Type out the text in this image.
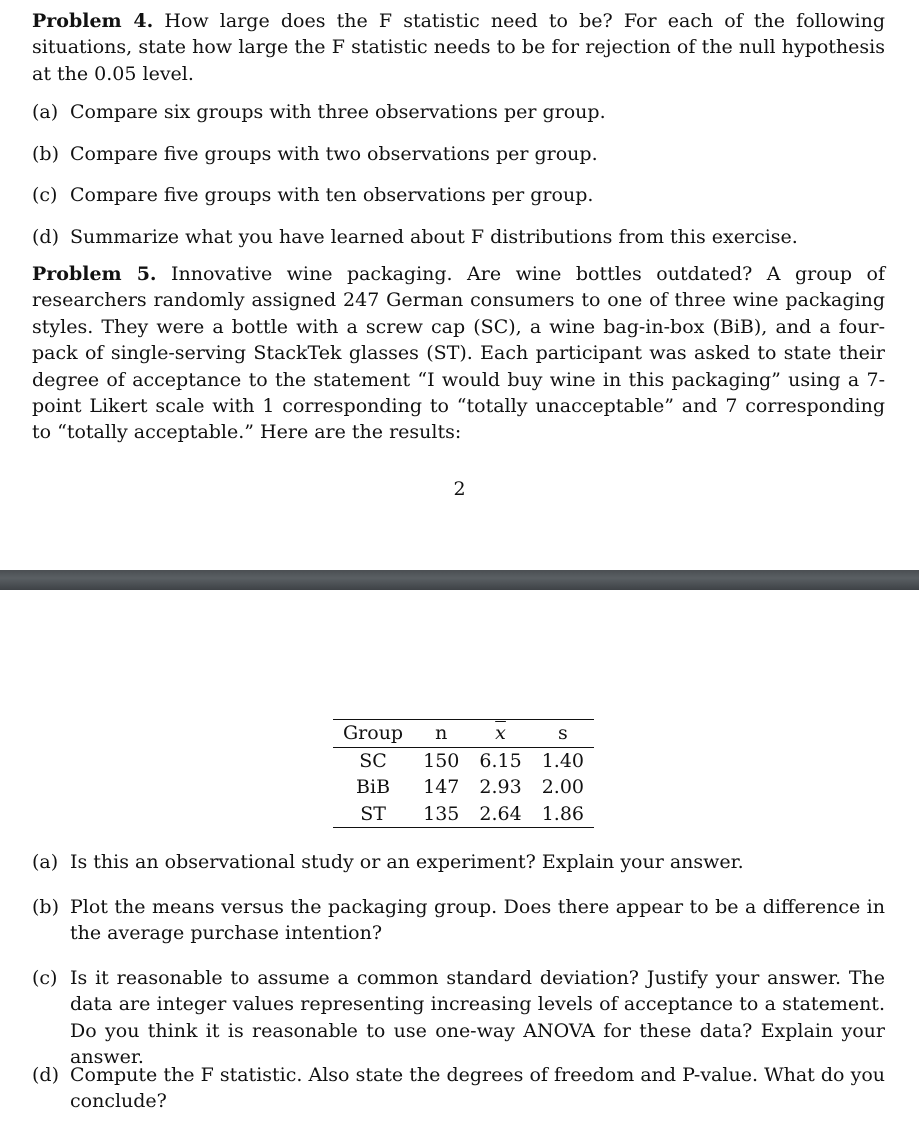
Problem 4. How large does the F statistic need to be? For each of the following situations, state how large the F statistic needs to be for rejection of the null hypothesis at the 0.05 level.

(a) Compare six groups with three observations per group.
(b) Compare five groups with two observations per group.
(c) Compare five groups with ten observations per group.
(d) Summarize what you have learned about F distributions from this exercise.

Problem 5. Innovative wine packaging. Are wine bottles outdated? A group of researchers randomly assigned 247 German consumers to one of three wine packaging styles. They were a bottle with a screw cap (SC), a wine bag-in-box (BiB), and a four-pack of single-serving StackTek glasses (ST). Each participant was asked to state their degree of acceptance to the statement “I would buy wine in this packaging” using a 7-point Likert scale with 1 corresponding to “totally unacceptable” and 7 corresponding to “totally acceptable.” Here are the results:

2
Group	n	$\overline{x}$	s
SC	150	6.15	1.40
BiB	147	2.93	2.00
ST	135	2.64	1.86
(a) Is this an observational study or an experiment? Explain your answer.
(b) Plot the means versus the packaging group. Does there appear to be a difference in the average purchase intention?
(c) Is it reasonable to assume a common standard deviation? Justify your answer. The data are integer values representing increasing levels of acceptance to a statement. Do you think it is reasonable to use one-way ANOVA for these data? Explain your answer.
(d) Compute the F statistic. Also state the degrees of freedom and P-value. What do you conclude?
